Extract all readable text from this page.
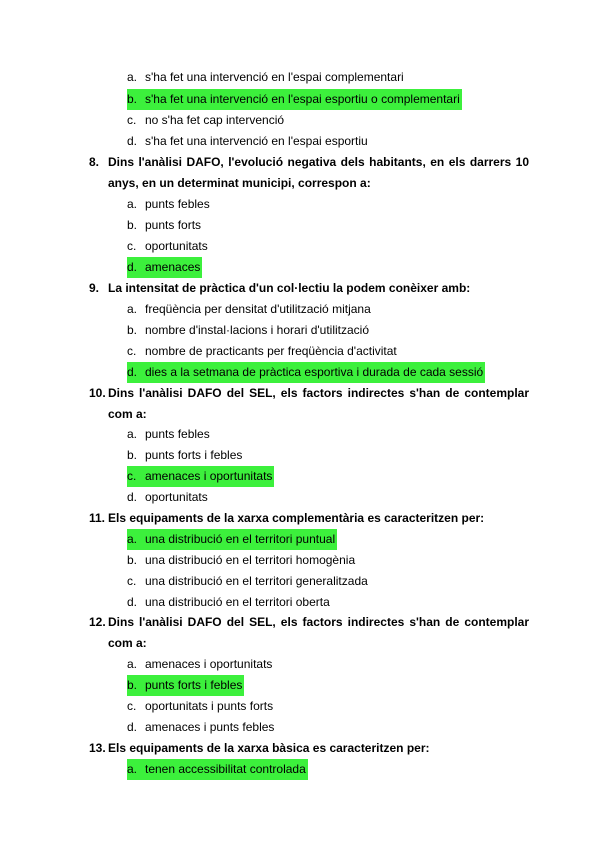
a. s'ha fet una intervenció en l'espai complementari
b. s'ha fet una intervenció en l'espai esportiu o complementari
c. no s'ha fet cap intervenció
d. s'ha fet una intervenció en l'espai esportiu
8. Dins l'anàlisi DAFO, l'evolució negativa dels habitants, en els darrers 10 anys, en un determinat municipi, correspon a:
a. punts febles
b. punts forts
c. oportunitats
d. amenaces
9. La intensitat de pràctica d'un col·lectiu la podem conèixer amb:
a. freqüència per densitat d'utilització mitjana
b. nombre d'instal·lacions i horari d'utilització
c. nombre de practicants per freqüència d'activitat
d. dies a la setmana de pràctica esportiva i durada de cada sessió
10. Dins l'anàlisi DAFO del SEL, els factors indirectes s'han de contemplar com a:
a. punts febles
b. punts forts i febles
c. amenaces i oportunitats
d. oportunitats
11. Els equipaments de la xarxa complementària es caracteritzen per:
a. una distribució en el territori puntual
b. una distribució en el territori homogènia
c. una distribució en el territori generalitzada
d. una distribució en el territori oberta
12. Dins l'anàlisi DAFO del SEL, els factors indirectes s'han de contemplar com a:
a. amenaces i oportunitats
b. punts forts i febles
c. oportunitats i punts forts
d. amenaces i punts febles
13. Els equipaments de la xarxa bàsica es caracteritzen per:
a. tenen accessibilitat controlada
